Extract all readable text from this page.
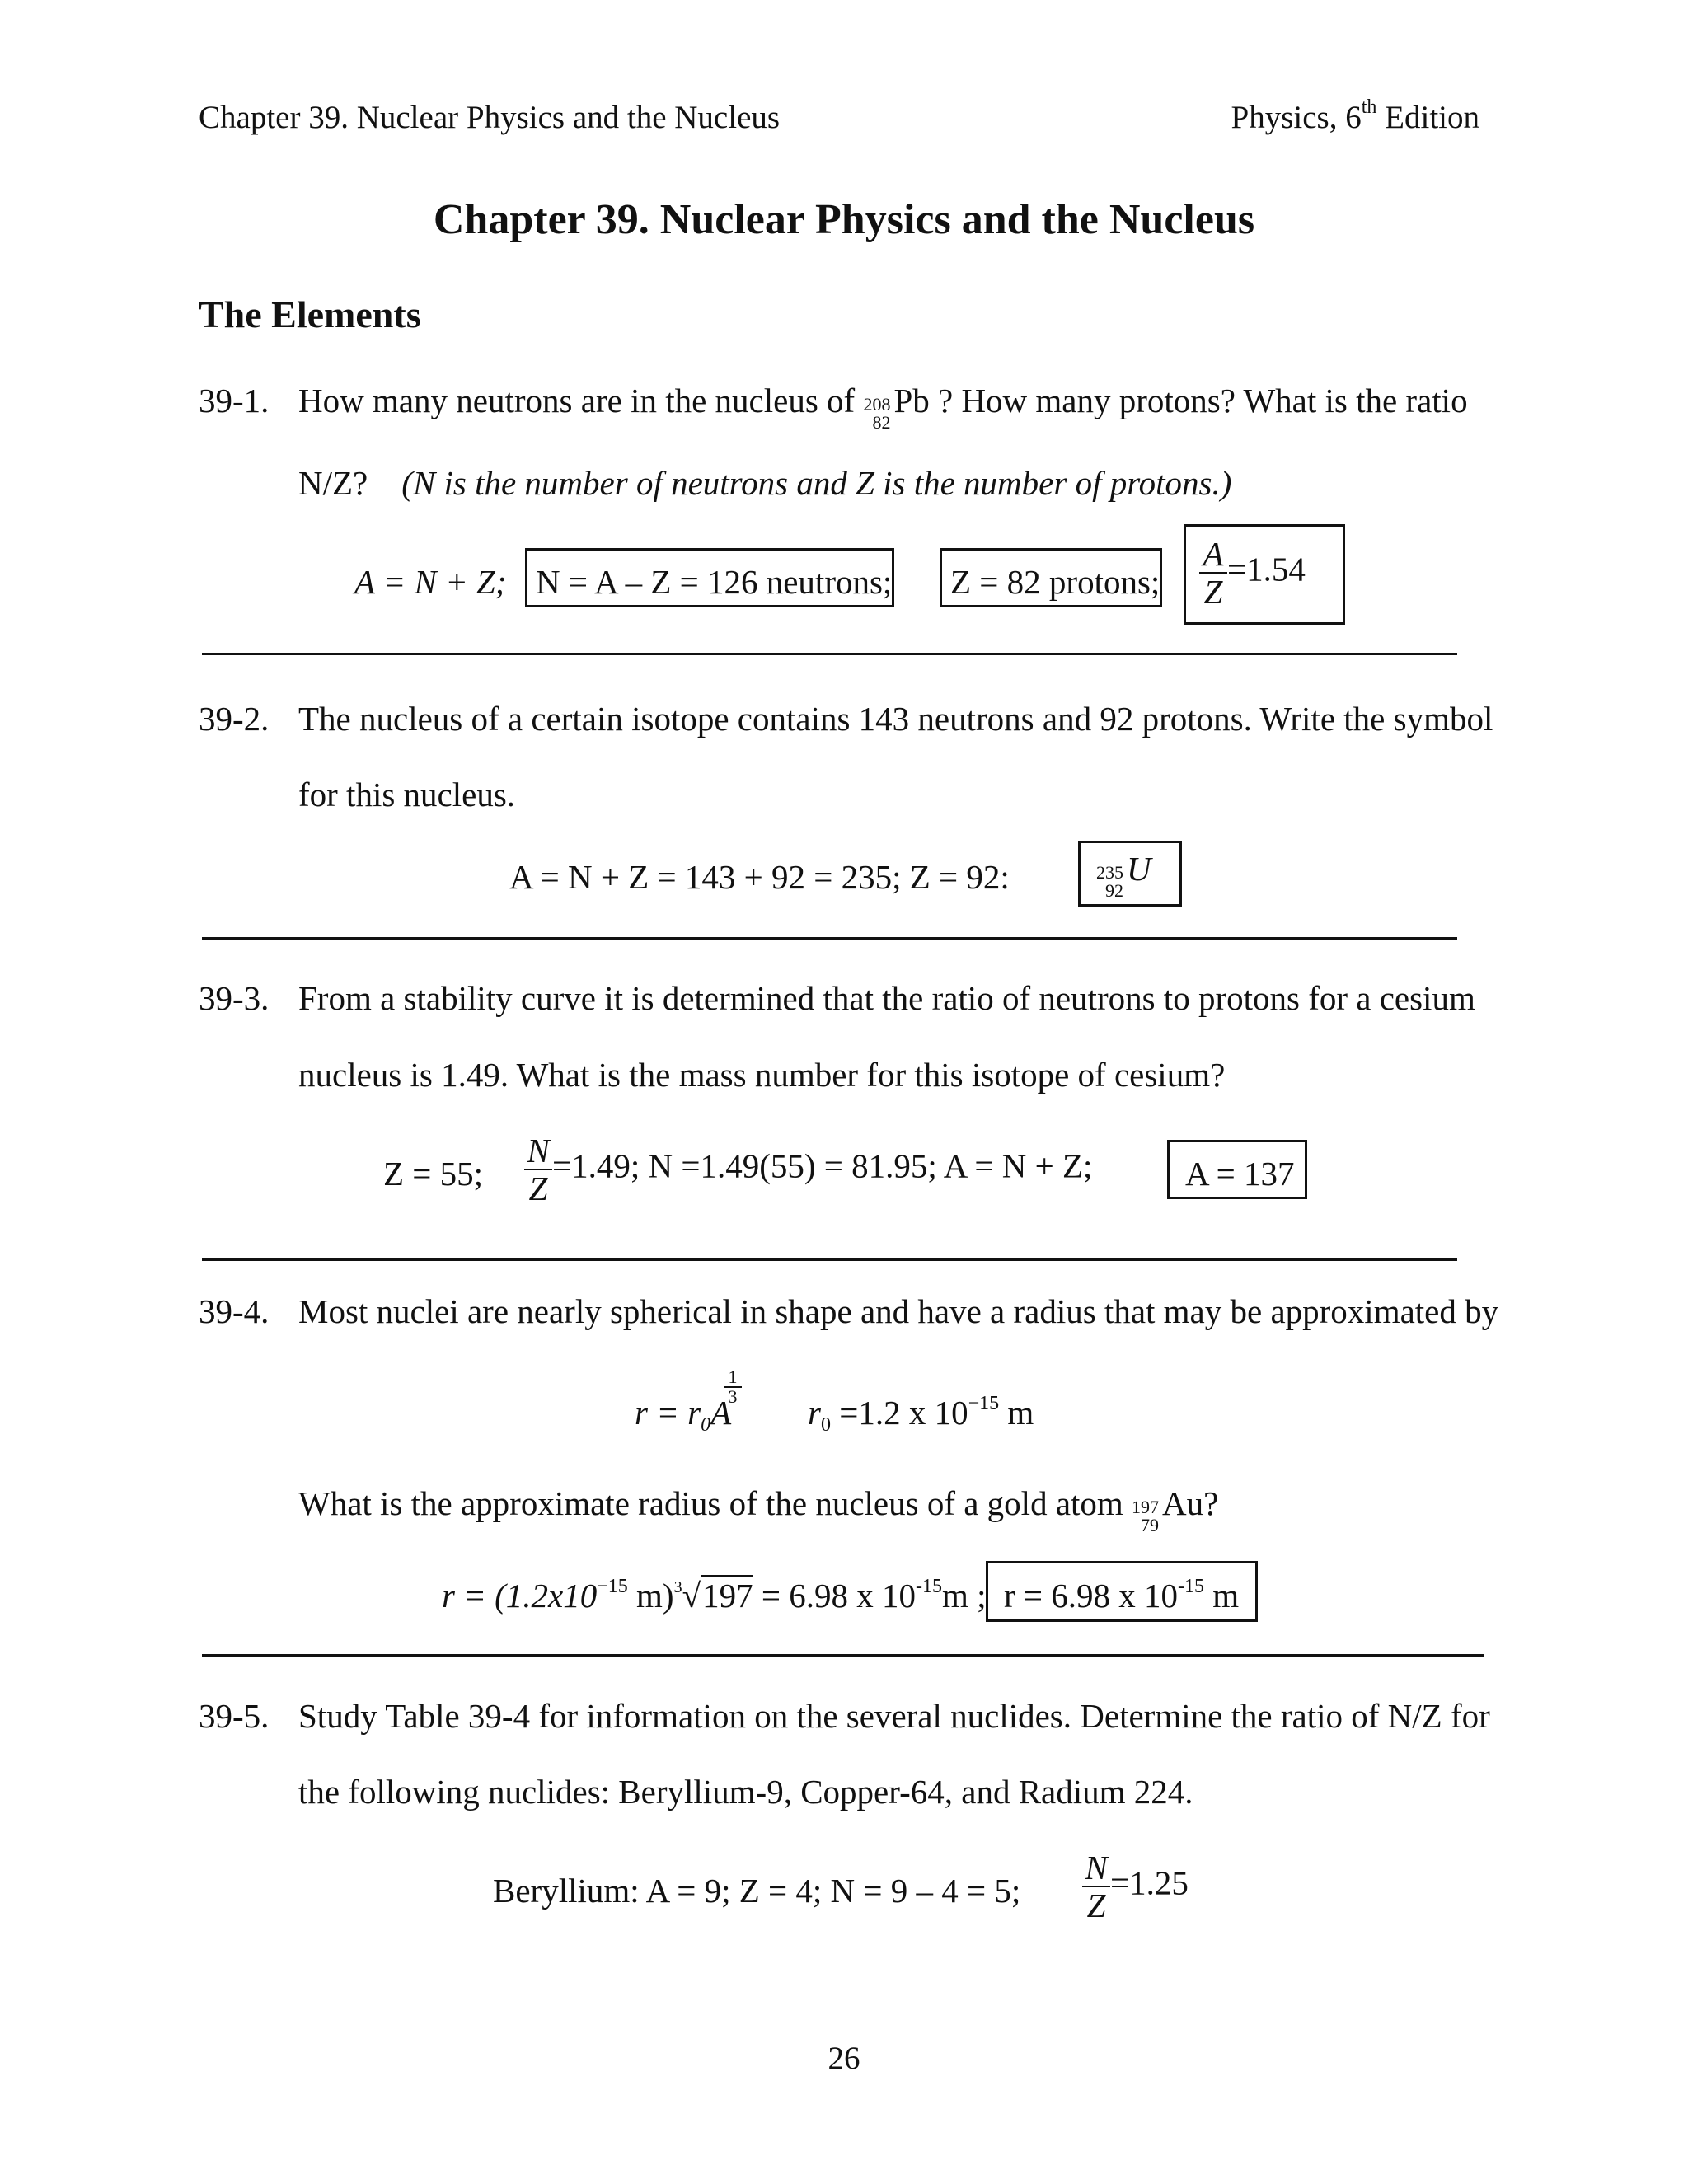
Chapter 39. Nuclear Physics and the Nucleus	Physics, 6th Edition
Chapter 39. Nuclear Physics and the Nucleus
The Elements
39-1. How many neutrons are in the nucleus of 208
82
Pb ? How many protons? What is the ratio
N/Z? (N is the number of neutrons and Z is the number of protons.)
A = N + Z; N = A – Z = 126 neutrons; Z = 82 protons; $\frac{A}{Z} =1.54$
39-2. The nucleus of a certain isotope contains 143 neutrons and 92 protons. Write the symbol
for this nucleus.
A = N + Z = 143 + 92 = 235; Z = 92:	235
92
U
39-3. From a stability curve it is determined that the ratio of neutrons to protons for a cesium
nucleus is 1.49. What is the mass number for this isotope of cesium?
Z = 55; $\frac{N}{Z} =1.49$; N =1.49(55) = 81.95; A = N + Z;	A = 137
39-4. Most nuclei are nearly spherical in shape and have a radius that may be approximated by
$r = r_0A$
1
3 $r_0 =1.2$ x $10^{-15}$ m
What is the approximate radius of the nucleus of a gold atom 197
79
Au?
$r = (1.2x10^{-15}$ m)$^3$√197 = 6.98 x $10^{-15}m$ ; r = 6.98 x $10^{-15}$ m
39-5. Study Table 39-4 for information on the several nuclides. Determine the ratio of N/Z for
the following nuclides: Beryllium-9, Copper-64, and Radium 224.
Beryllium: A = 9; Z = 4; N = 9 – 4 = 5; $\frac{N}{Z} =1.25$
26
